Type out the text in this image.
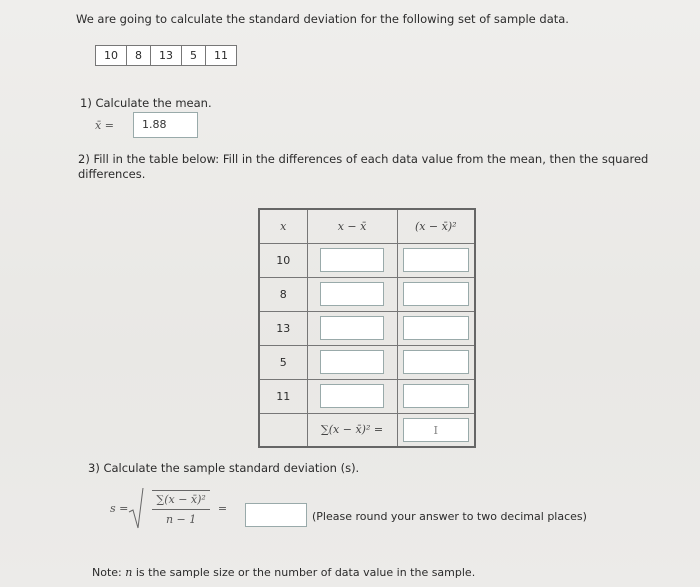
We are going to calculate the standard deviation for the following set of sample data.
10	8	13	5	11
1) Calculate the mean.
x̄ =	1.88
2) Fill in the table below: Fill in the differences of each data value from the mean, then the squared differences.
x	x − x̄	(x − x̄)²
10		
8		
13		
5		
11		
	∑(x − x̄)² =	I
3) Calculate the sample standard deviation (s).
$s = \frac{\text{∑(x − x̄)²}}{n - 1}$ =
(Please round your answer to two decimal places)
Note: n is the sample size or the number of data value in the sample.
